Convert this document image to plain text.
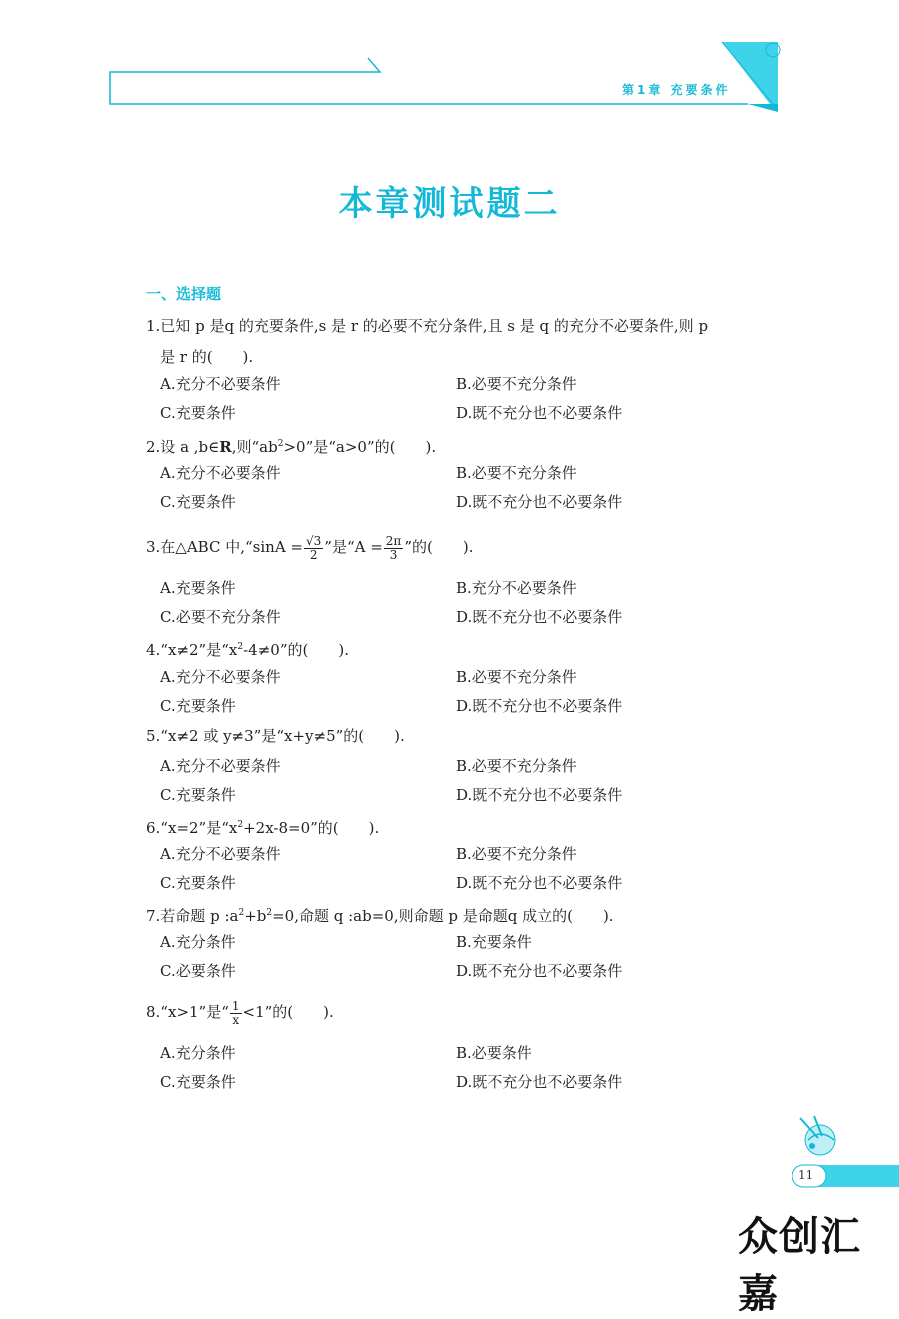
第1章 充要条件
本章测试题二
一、选择题
1.已知 p 是q 的充要条件,s 是 r 的必要不充分条件,且 s 是 q 的充分不必要条件,则 p
是 r 的(　　).
A.充分不必要条件	B.必要不充分条件
C.充要条件	D.既不充分也不必要条件
2.设 a ,b∈R,则“$ab^2>0$”是“a>0”的(　　).
A.充分不必要条件	B.必要不充分条件
C.充要条件	D.既不充分也不必要条件
3.在△ABC 中,“sinA = $\frac{√3}{2}$ ”是“$A = \frac{2\pi}{3}$ ”的(　　).
A.充要条件	B.充分不必要条件
C.必要不充分条件	D.既不充分也不必要条件
4.“x≠2”是“$x^2-4\ne 0$”的(　　).
A.充分不必要条件	B.必要不充分条件
C.充要条件	D.既不充分也不必要条件
5.“x≠2 或 y≠3”是“x+y≠5”的(　　).
A.充分不必要条件	B.必要不充分条件
C.充要条件	D.既不充分也不必要条件
6.“x=2”是“$x^2+2x-8=0$”的(　　).
A.充分不必要条件	B.必要不充分条件
C.充要条件	D.既不充分也不必要条件
7.若命题 p $:a^2+b^2=0$,命题 q :ab=0,则命题 p 是命题q 成立的(　　).
A.充分条件	B.充要条件
C.必要条件	D.既不充分也不必要条件
8.“x>1”是“ $\frac{1}{x} <1$”的(　　).
A.充分条件	B.必要条件
C.充要条件	D.既不充分也不必要条件
11
众创汇嘉
